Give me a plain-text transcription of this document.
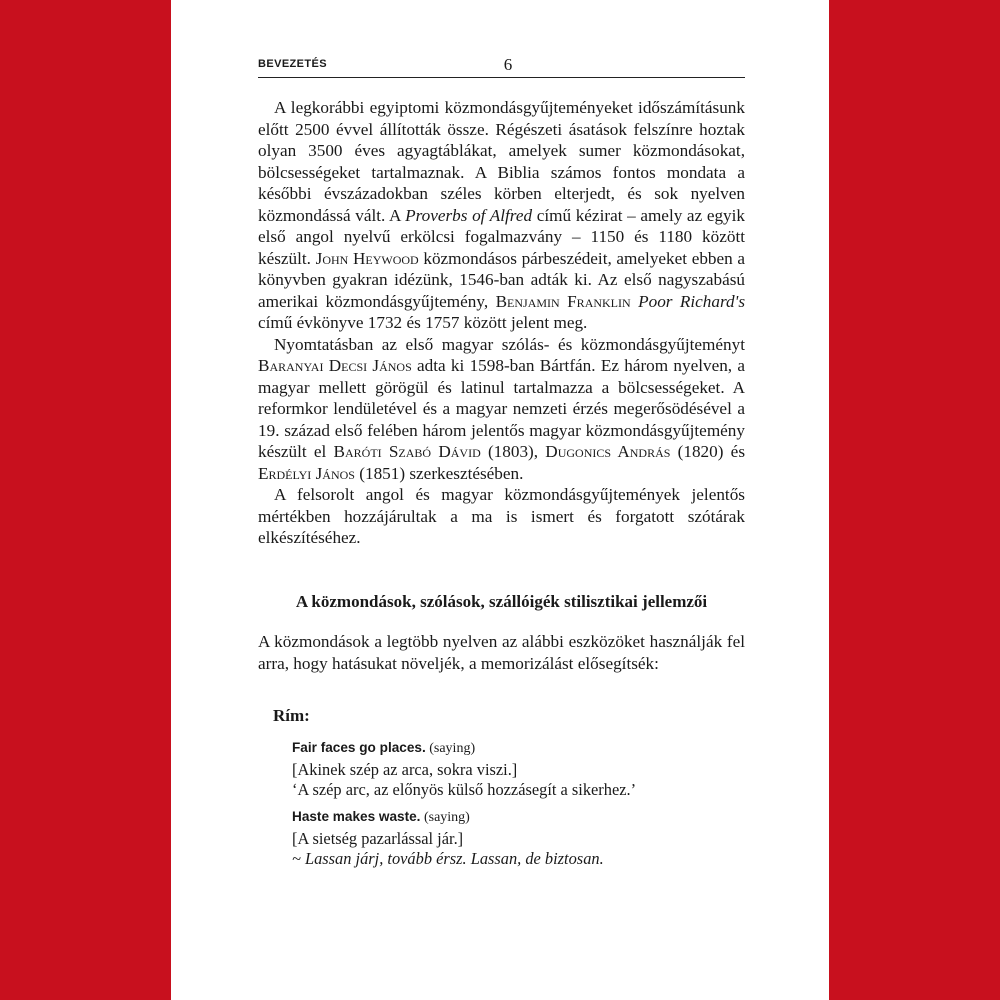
BEVEZETÉS	6

A legkorábbi egyiptomi közmondásgyűjteményeket időszámításunk előtt 2500 évvel állították össze. Régészeti ásatások felszínre hoztak olyan 3500 éves agyagtáblákat, amelyek sumer közmondásokat, bölcsességeket tartalmaznak. A Biblia számos fontos mondata a későbbi évszázadokban széles körben elterjedt, és sok nyelven közmondássá vált. A Proverbs of Alfred című kézirat – amely az egyik első angol nyelvű erkölcsi fogalmazvány – 1150 és 1180 között készült. John Heywood közmondásos párbeszédeit, amelyeket ebben a könyvben gyakran idézünk, 1546-ban adták ki. Az első nagyszabású amerikai közmondásgyűjtemény, Benjamin Franklin Poor Richard's című évkönyve 1732 és 1757 között jelent meg.

Nyomtatásban az első magyar szólás- és közmondásgyűjteményt Baranyai Decsi János adta ki 1598-ban Bártfán. Ez három nyelven, a magyar mellett görögül és latinul tartalmazza a bölcsességeket. A reformkor lendületével és a magyar nemzeti érzés megerősödésével a 19. század első felében három jelentős magyar közmondásgyűjtemény készült el Baróti Szabó Dávid (1803), Dugonics András (1820) és Erdélyi János (1851) szerkesztésében.

A felsorolt angol és magyar közmondásgyűjtemények jelentős mértékben hozzájárultak a ma is ismert és forgatott szótárak elkészítéséhez.

A közmondások, szólások, szállóigék stilisztikai jellemzői

A közmondások a legtöbb nyelven az alábbi eszközöket használják fel arra, hogy hatásukat növeljék, a memorizálást elősegítsék:

Rím:
Fair faces go places. (saying)
[Akinek szép az arca, sokra viszi.]
‘A szép arc, az előnyös külső hozzásegít a sikerhez.’
Haste makes waste. (saying)
[A sietség pazarlással jár.]
~ Lassan járj, tovább érsz. Lassan, de biztosan.
